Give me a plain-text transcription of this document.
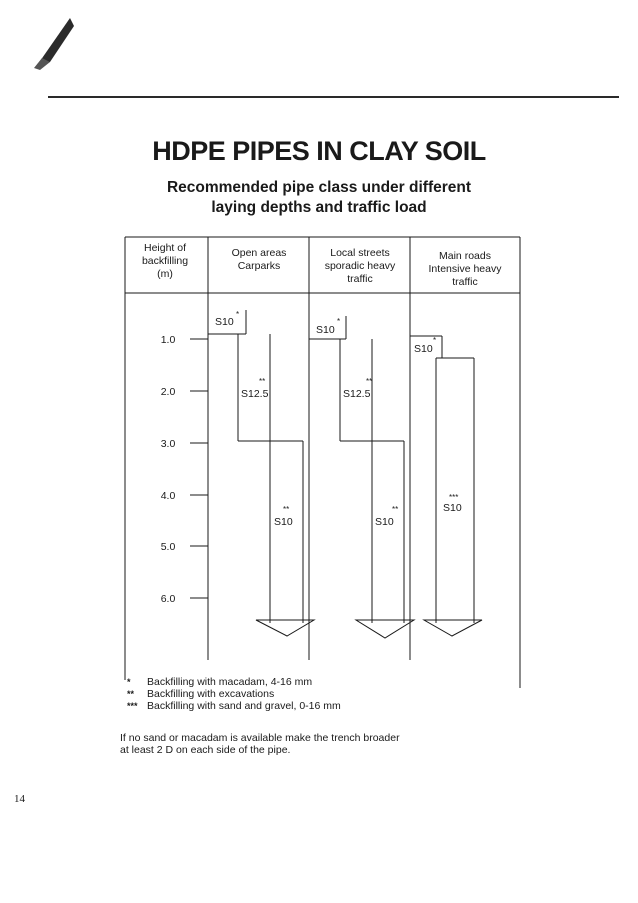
HDPE PIPES IN CLAY SOIL
Recommended pipe class under different
laying depths and traffic load
Height of
backfilling
(m)
Open areas
Carparks
Local streets
sporadic heavy
traffic
Main roads
Intensive heavy
traffic
1.0
2.0
3.0
4.0
5.0
6.0
S10
*
S12.5
**
S10
**
S10
*
S12.5
**
S10
**
S10
*
S10
***
*	Backfilling with macadam, 4-16 mm
**	Backfilling with excavations
*** Backfilling with sand and gravel, 0-16 mm
If no sand or macadam is available make the trench broader
at least 2 D on each side of the pipe.
14
